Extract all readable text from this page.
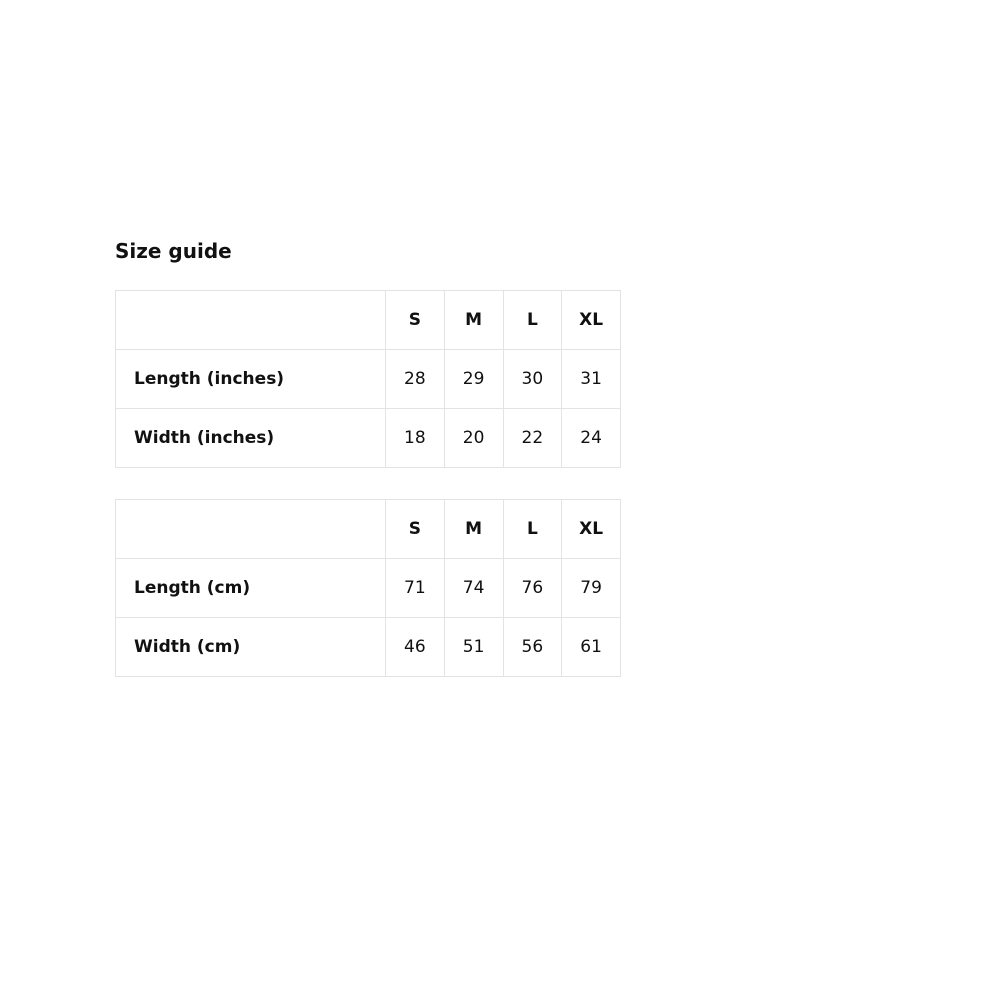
Size guide
	S	M	L	XL
Length (inches)	28	29	30	31
Width (inches)	18	20	22	24
	S	M	L	XL
Length (cm)	71	74	76	79
Width (cm)	46	51	56	61
